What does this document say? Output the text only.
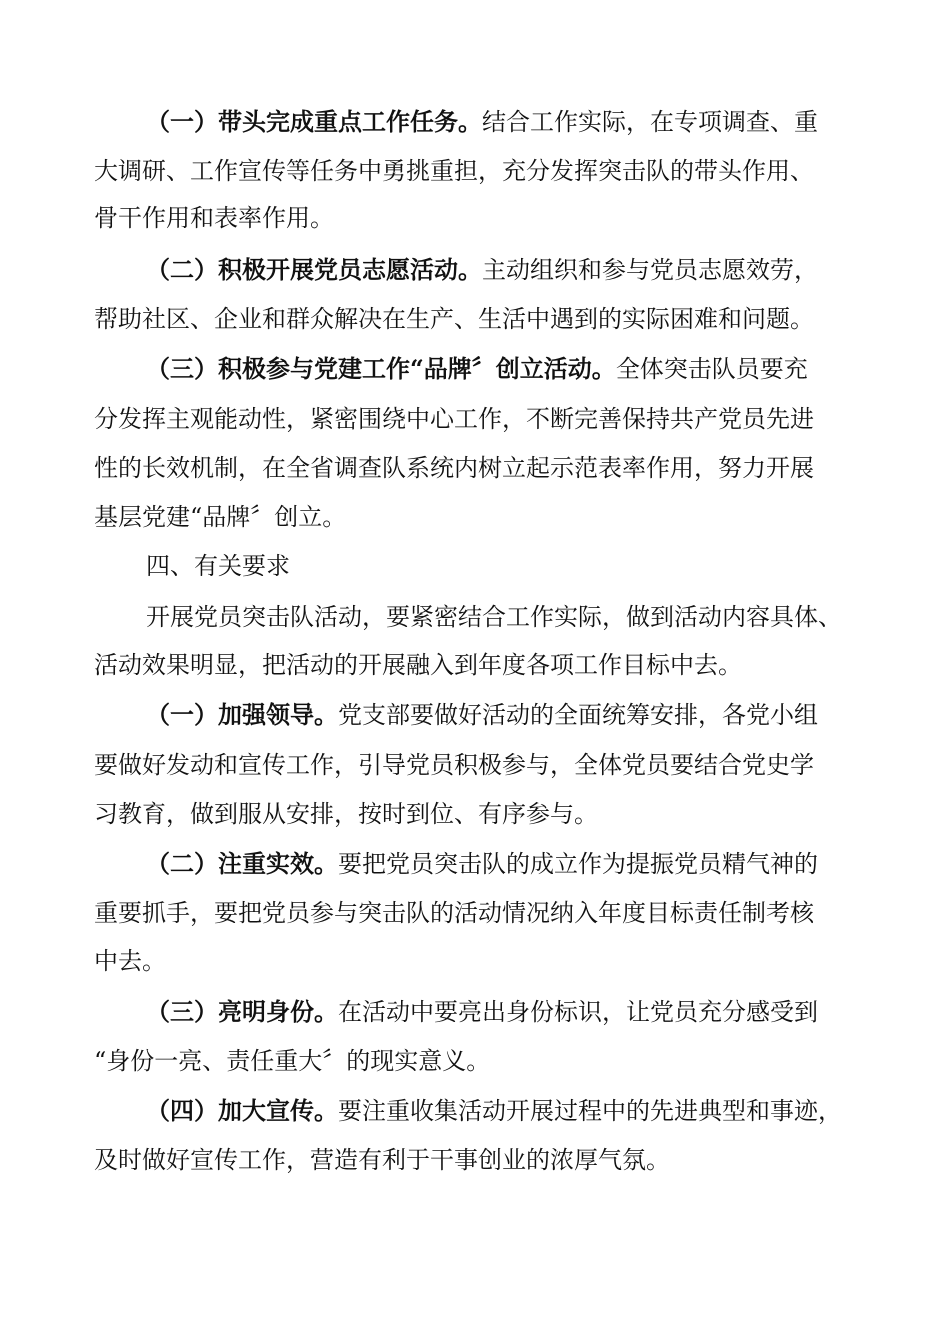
（一）带头完成重点工作任务。结合工作实际，在专项调查、重
大调研、工作宣传等任务中勇挑重担，充分发挥突击队的带头作用、
骨干作用和表率作用。
（二）积极开展党员志愿活动。主动组织和参与党员志愿效劳，
帮助社区、企业和群众解决在生产、生活中遇到的实际困难和问题。
（三）积极参与党建工作“品牌〞创立活动。全体突击队员要充
分发挥主观能动性，紧密围绕中心工作，不断完善保持共产党员先进
性的长效机制，在全省调查队系统内树立起示范表率作用，努力开展
基层党建“品牌〞创立。
四、有关要求
开展党员突击队活动，要紧密结合工作实际，做到活动内容具体、
活动效果明显，把活动的开展融入到年度各项工作目标中去。
（一）加强领导。党支部要做好活动的全面统筹安排，各党小组
要做好发动和宣传工作，引导党员积极参与，全体党员要结合党史学
习教育，做到服从安排，按时到位、有序参与。
（二）注重实效。要把党员突击队的成立作为提振党员精气神的
重要抓手，要把党员参与突击队的活动情况纳入年度目标责任制考核
中去。
（三）亮明身份。在活动中要亮出身份标识，让党员充分感受到
“身份一亮、责任重大〞的现实意义。
（四）加大宣传。要注重收集活动开展过程中的先进典型和事迹，
及时做好宣传工作，营造有利于干事创业的浓厚气氛。
